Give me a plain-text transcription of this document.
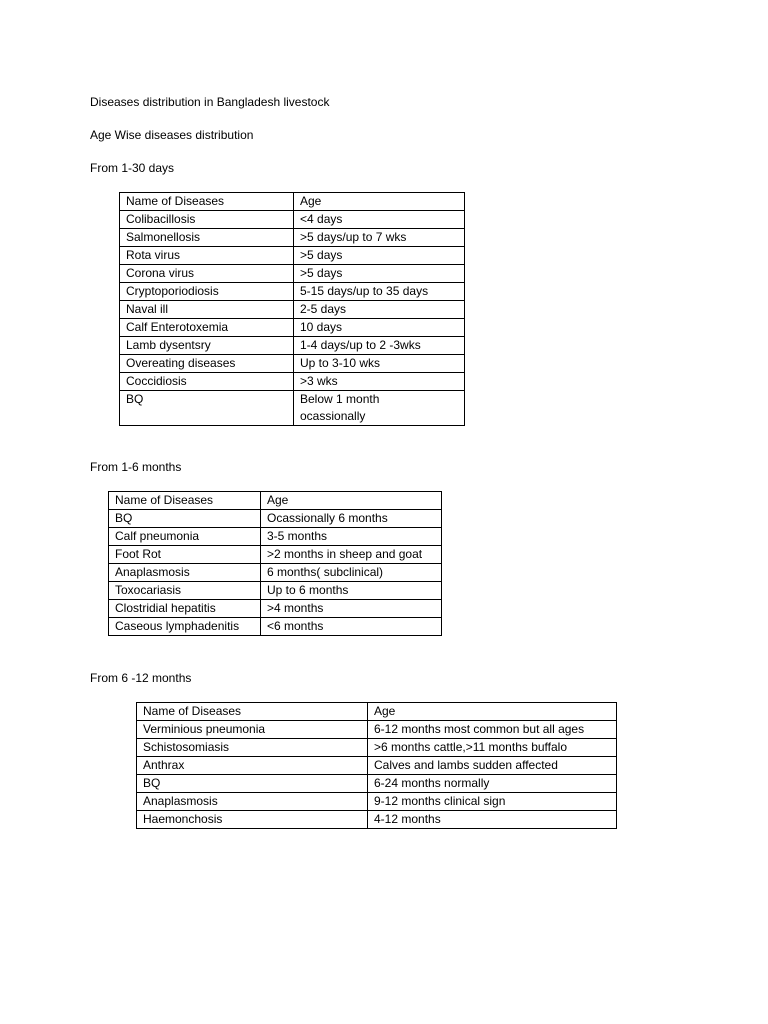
Diseases distribution in Bangladesh livestock
Age Wise diseases distribution
From 1-30 days
Name of Diseases	Age
Colibacillosis	<4 days
Salmonellosis	>5 days/up to 7 wks
Rota virus	>5 days
Corona virus	>5 days
Cryptoporiodiosis	5-15 days/up to 35 days
Naval ill	2-5 days
Calf Enterotoxemia	10 days
Lamb dysentsry	1-4 days/up to 2 -3wks
Overeating diseases	Up to 3-10 wks
Coccidiosis	>3 wks
BQ	Below 1 month ocassionally
From 1-6 months
Name of Diseases	Age
BQ	Ocassionally 6 months
Calf pneumonia	3-5 months
Foot Rot	>2 months in sheep and goat
Anaplasmosis	6 months( subclinical)
Toxocariasis	Up to 6 months
Clostridial hepatitis	>4 months
Caseous lymphadenitis	<6 months
From 6 -12 months
Name of Diseases	Age
Verminious pneumonia	6-12 months most common but all ages
Schistosomiasis	>6 months cattle,>11 months buffalo
Anthrax	Calves and lambs sudden affected
BQ	6-24 months normally
Anaplasmosis	9-12 months clinical sign
Haemonchosis	4-12 months
